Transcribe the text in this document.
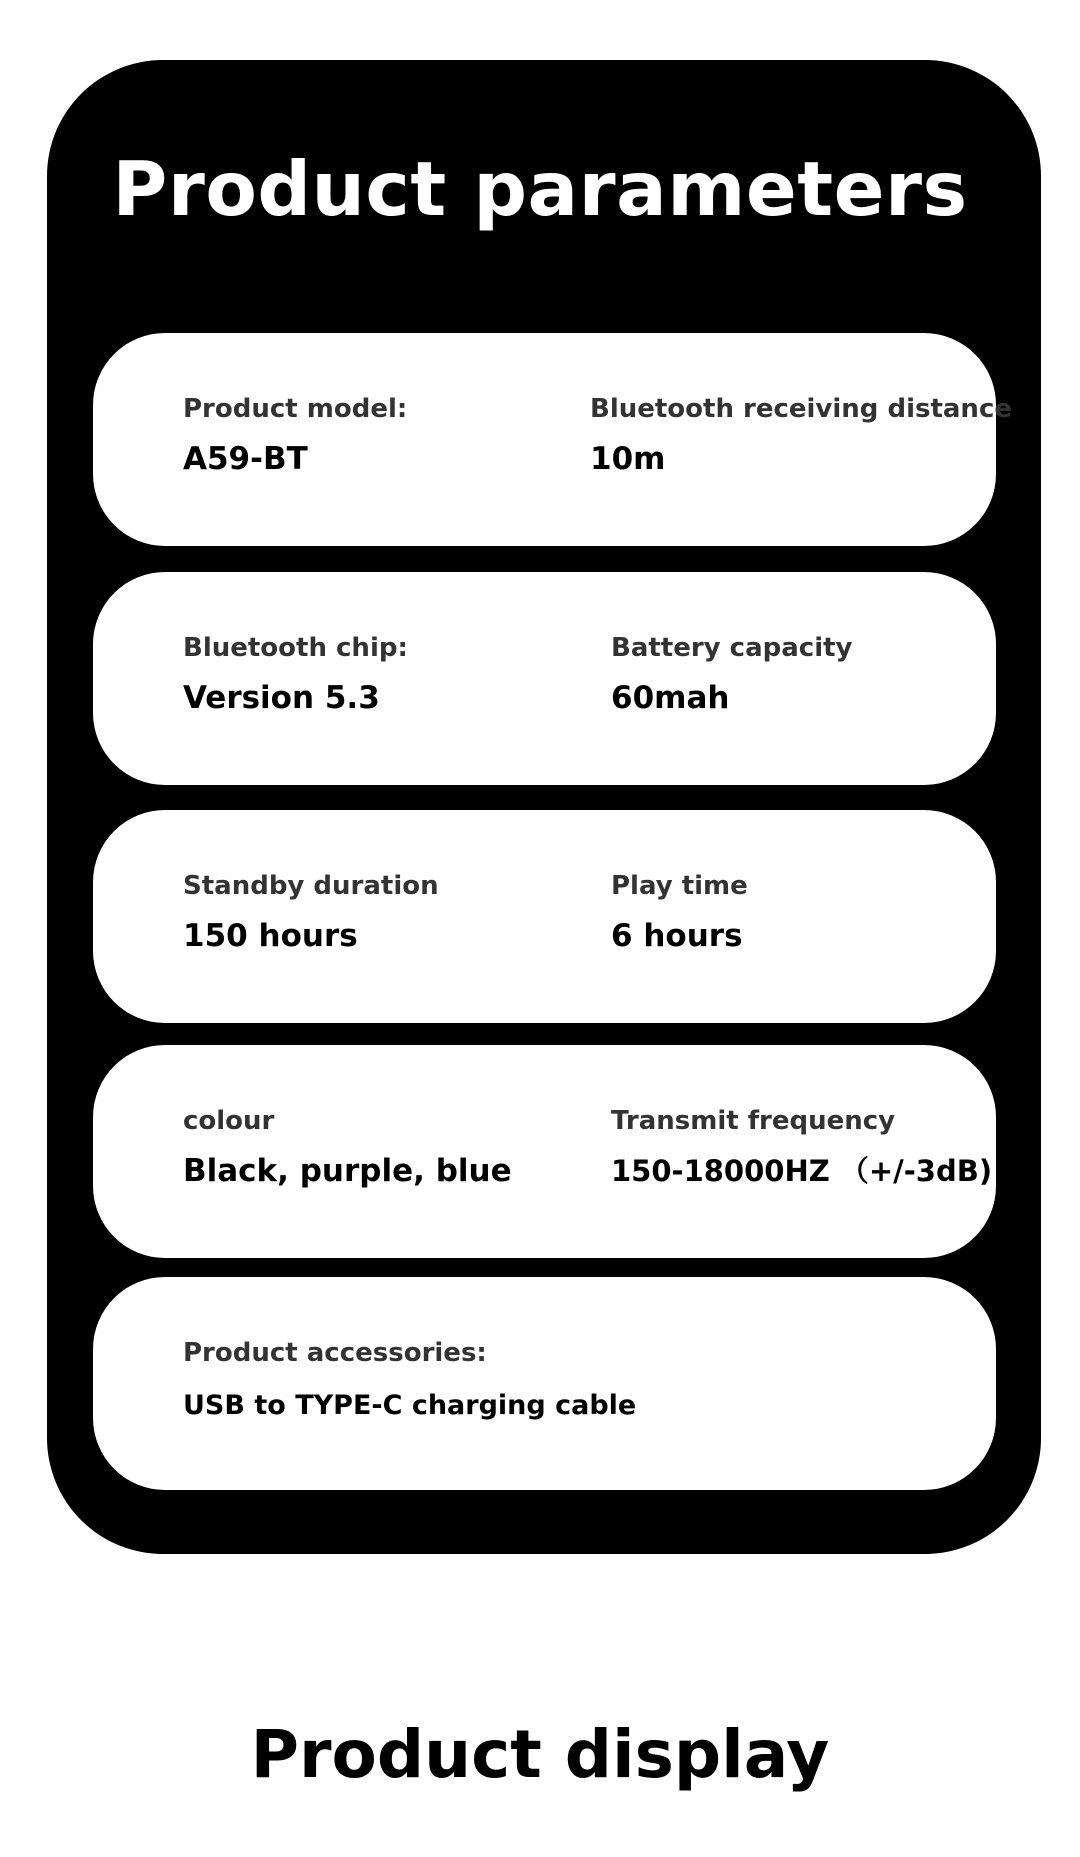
Product parameters
Product model:
A59-BT
Bluetooth receiving distance
10m
Bluetooth chip:
Version 5.3
Battery capacity
60mah
Standby duration
150 hours
Play time
6 hours
colour
Black, purple, blue
Transmit frequency
150-18000HZ （+/-3dB)
Product accessories:
USB to TYPE-C charging cable
Product display
